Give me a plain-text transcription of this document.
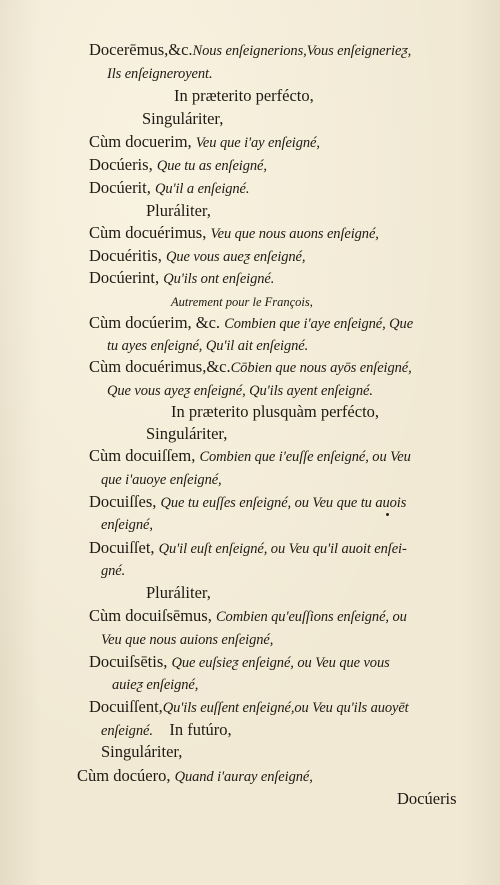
Docerēmus,&c.Nous enſeignerions,Vous enſeignerieƺ,
Ils enſeigneroyent.
In præterito perfécto,
Singuláriter,
Cùm docuerim, Veu que i'ay enſeigné,
Docúeris, Que tu as enſeigné,
Docúerit, Qu'il a enſeigné.
Pluráliter,
Cùm docuérimus, Veu que nous auons enſeigné,
Docuéritis, Que vous aueƺ enſeigné,
Docúerint, Qu'ils ont enſeigné.
Autrement pour le François,
Cùm docúerim, &c. Combien que i'aye enſeigné, Que
tu ayes enſeigné, Qu'il ait enſeigné.
Cùm docuérimus,&c.Cōbien que nous ayōs enſeigné,
Que vous ayeƺ enſeigné, Qu'ils ayent enſeigné.
In præterito plusquàm perfécto,
Singuláriter,
Cùm docuiſſem, Combien que i'euſſe enſeigné, ou Veu
que i'auoye enſeigné,
Docuiſſes, Que tu euſſes enſeigné, ou Veu que tu auois
enſeigné,
Docuiſſet, Qu'il euſt enſeigné, ou Veu qu'il auoit enſei-
gné.
Pluráliter,
Cùm docuiſsēmus, Combien qu'euſſions enſeigné, ou
Veu que nous auions enſeigné,
Docuiſsētis, Que euſsieƺ enſeigné, ou Veu que vous
auieƺ enſeigné,
Docuiſſent,Qu'ils euſſent enſeigné,ou Veu qu'ils auoyēt
enſeigné. In futúro,
Singuláriter,
Cùm docúero, Quand i'auray enſeigné,
Docúeris
